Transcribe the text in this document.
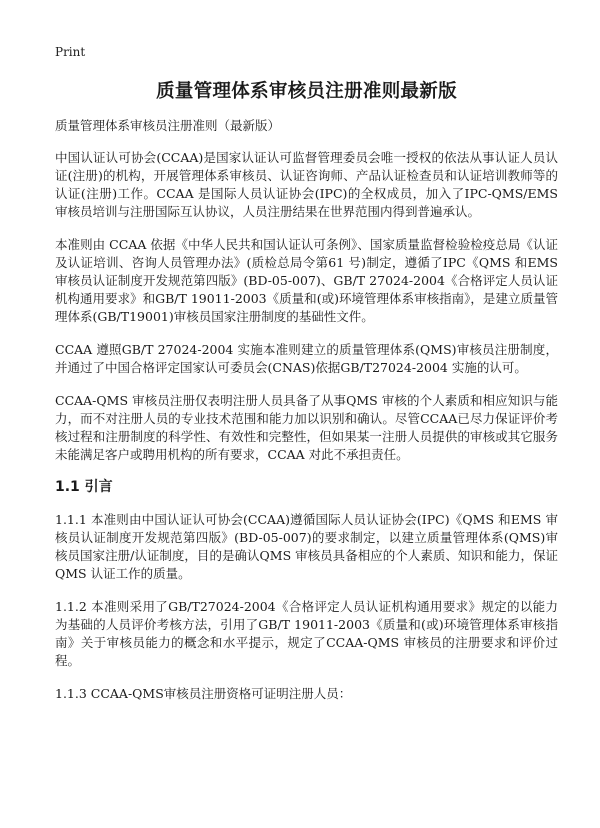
Print
质量管理体系审核员注册准则最新版
质量管理体系审核员注册准则（最新版）

中国认证认可协会(CCAA)是国家认证认可监督管理委员会唯一授权的依法从事认证人员认证(注册)的机构，开展管理体系审核员、认证咨询师、产品认证检查员和认证培训教师等的认证(注册)工作。CCAA 是国际人员认证协会(IPC)的全权成员，加入了IPC-QMS/EMS 审核员培训与注册国际互认协议，人员注册结果在世界范围内得到普遍承认。

本准则由 CCAA 依据《中华人民共和国认证认可条例》、国家质量监督检验检疫总局《认证及认证培训、咨询人员管理办法》(质检总局令第61 号)制定，遵循了IPC《QMS 和EMS审核员认证制度开发规范第四版》(BD-05-007)、GB/T 27024-2004《合格评定人员认证机构通用要求》和GB/T 19011-2003《质量和(或)环境管理体系审核指南》，是建立质量管理体系(GB/T19001)审核员国家注册制度的基础性文件。

CCAA 遵照GB/T 27024-2004 实施本准则建立的质量管理体系(QMS)审核员注册制度，并通过了中国合格评定国家认可委员会(CNAS)依据GB/T27024-2004 实施的认可。

CCAA-QMS 审核员注册仅表明注册人员具备了从事QMS 审核的个人素质和相应知识与能力，而不对注册人员的专业技术范围和能力加以识别和确认。尽管CCAA已尽力保证评价考核过程和注册制度的科学性、有效性和完整性，但如果某一注册人员提供的审核或其它服务未能满足客户或聘用机构的所有要求，CCAA 对此不承担责任。

1.1 引言

1.1.1 本准则由中国认证认可协会(CCAA)遵循国际人员认证协会(IPC)《QMS 和EMS 审核员认证制度开发规范第四版》(BD-05-007)的要求制定，以建立质量管理体系(QMS)审核员国家注册/认证制度，目的是确认QMS 审核员具备相应的个人素质、知识和能力，保证QMS 认证工作的质量。

1.1.2 本准则采用了GB/T27024-2004《合格评定人员认证机构通用要求》规定的以能力为基础的人员评价考核方法，引用了GB/T 19011-2003《质量和(或)环境管理体系审核指南》关于审核员能力的概念和水平提示，规定了CCAA-QMS 审核员的注册要求和评价过程。

1.1.3 CCAA-QMS审核员注册资格可证明注册人员：
